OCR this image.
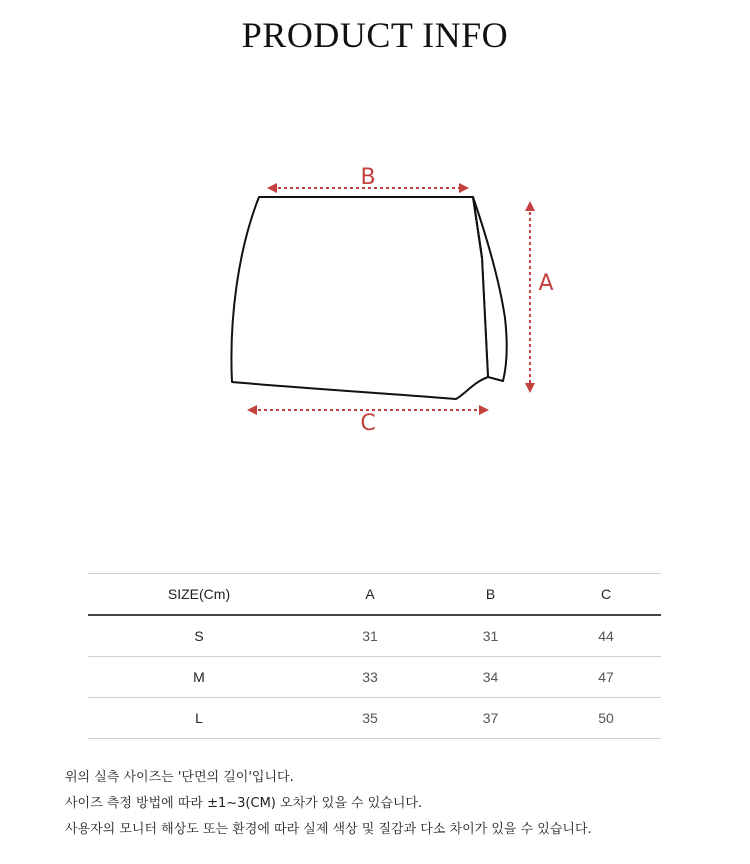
PRODUCT INFO
B
A
C
SIZE(Cm)	A	B	C
S	31	31	44
M	33	34	47
L	35	37	50

위의 실측 사이즈는 '단면의 길이'입니다.

사이즈 측정 방법에 따라 ±1~3(CM) 오차가 있을 수 있습니다.

사용자의 모니터 해상도 또는 환경에 따라 실제 색상 및 질감과 다소 차이가 있을 수 있습니다.
